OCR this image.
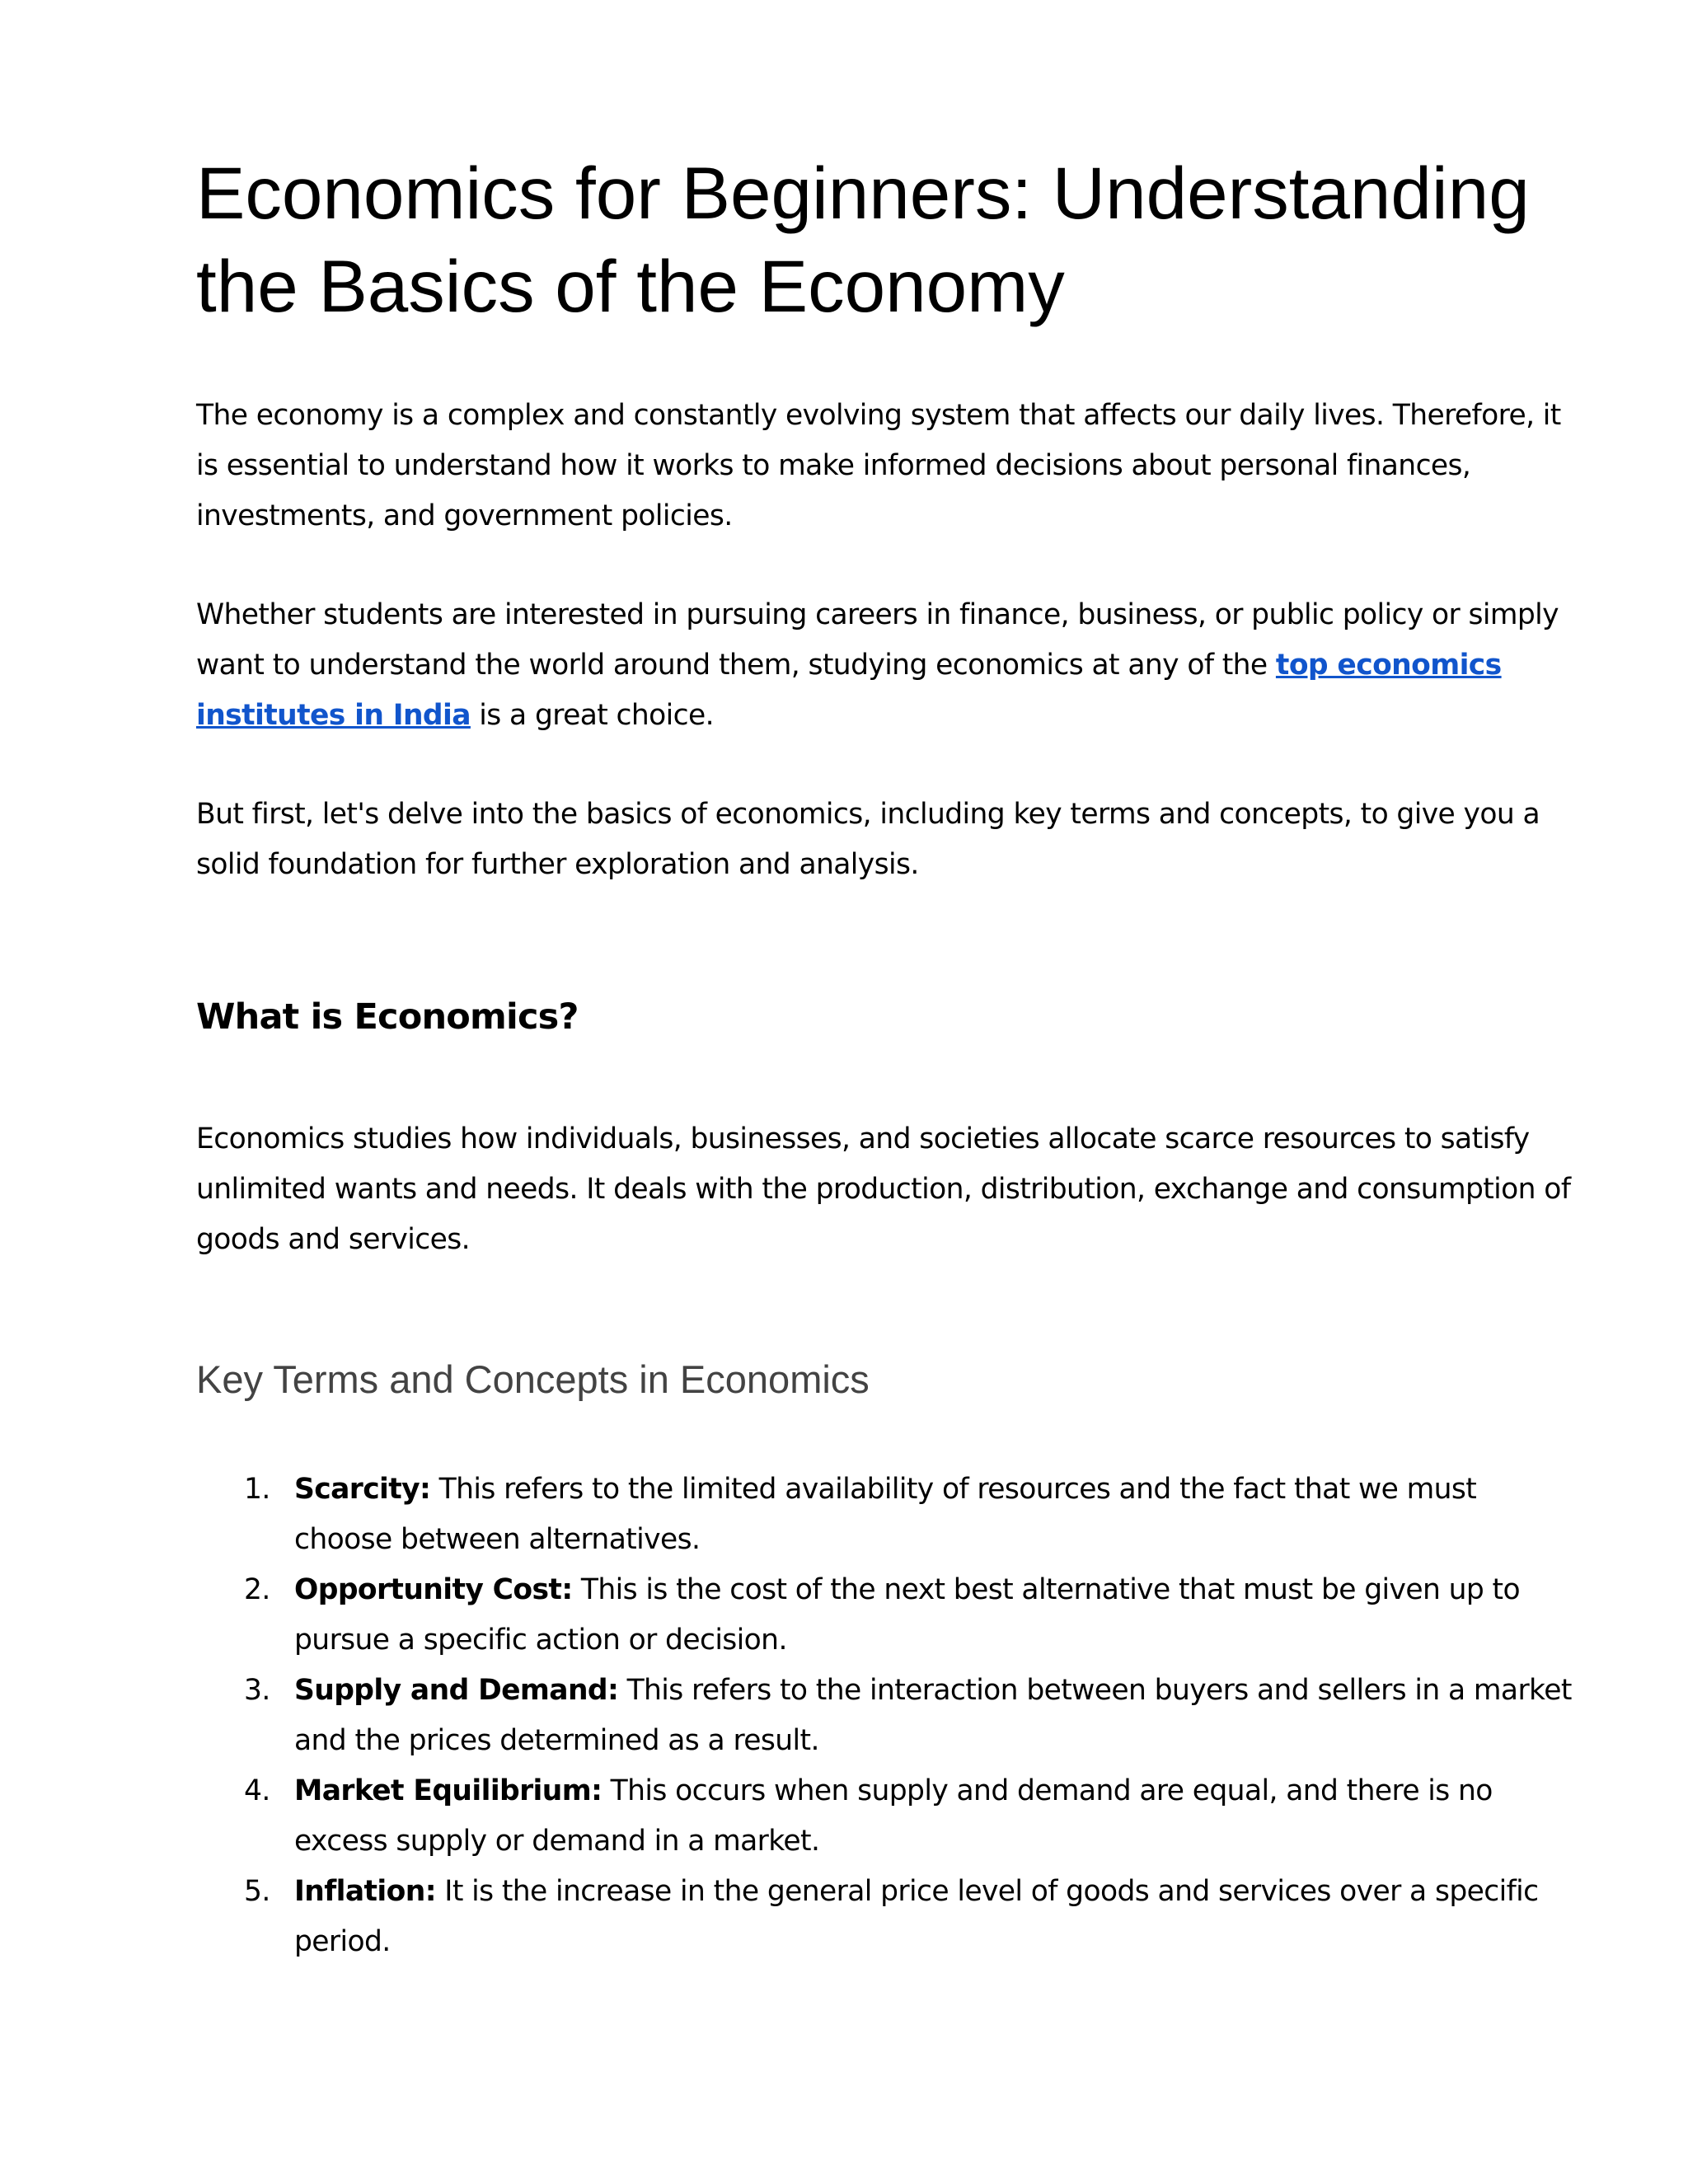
Economics for Beginners: Understanding the Basics of the Economy

The economy is a complex and constantly evolving system that affects our daily lives. Therefore, it is essential to understand how it works to make informed decisions about personal finances, investments, and government policies.

Whether students are interested in pursuing careers in finance, business, or public policy or simply want to understand the world around them, studying economics at any of the top economics institutes in India is a great choice.

But first, let's delve into the basics of economics, including key terms and concepts, to give you a solid foundation for further exploration and analysis.

What is Economics?

Economics studies how individuals, businesses, and societies allocate scarce resources to satisfy unlimited wants and needs. It deals with the production, distribution, exchange and consumption of goods and services.

Key Terms and Concepts in Economics
1. Scarcity: This refers to the limited availability of resources and the fact that we must choose between alternatives.
2. Opportunity Cost: This is the cost of the next best alternative that must be given up to pursue a specific action or decision.
3. Supply and Demand: This refers to the interaction between buyers and sellers in a market and the prices determined as a result.
4. Market Equilibrium: This occurs when supply and demand are equal, and there is no excess supply or demand in a market.
5. Inflation: It is the increase in the general price level of goods and services over a specific period.
